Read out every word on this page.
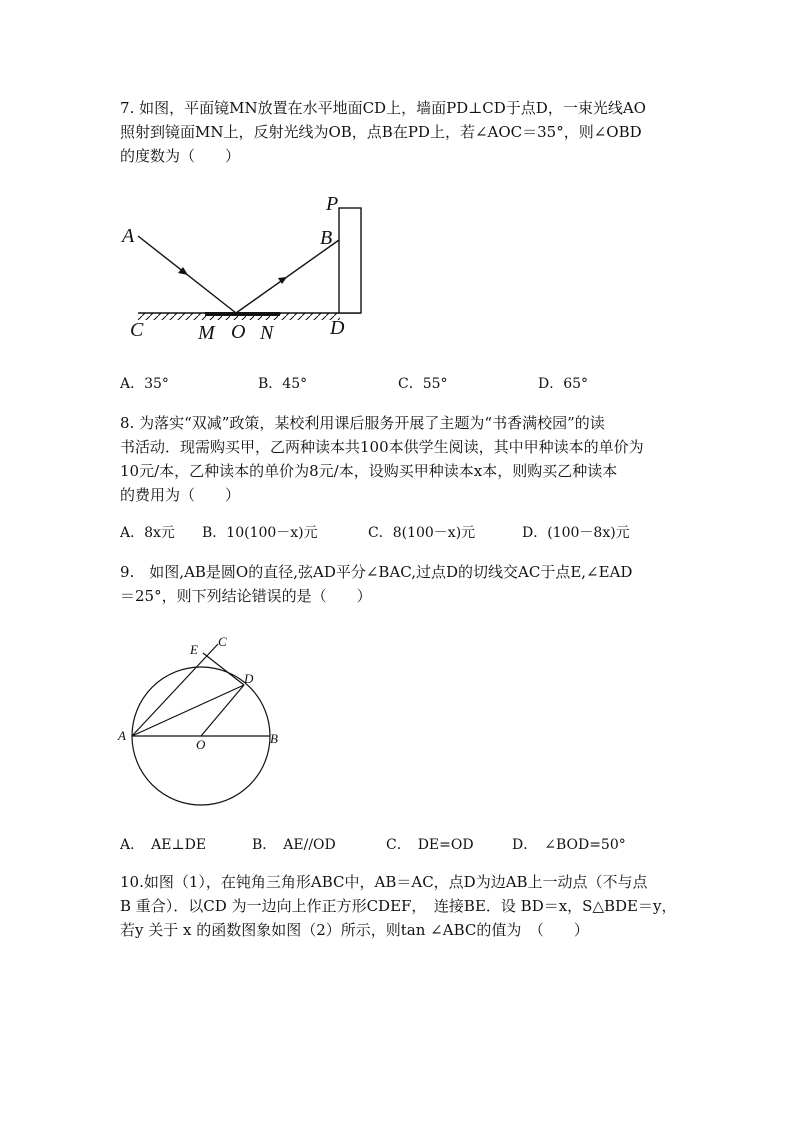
7. 如图，平面镜MN放置在水平地面CD上，墙面PD⊥CD于点D，一束光线AO
照射到镜面MN上，反射光线为OB，点B在PD上，若∠AOC＝35°，则∠OBD
的度数为（　　）
A	B
P
C	M O N	D
A．35°	B．45°	C．55°	D．65°
8. 为落实“双减”政策，某校利用课后服务开展了主题为“书香满校园”的读
书活动．现需购买甲，乙两种读本共100本供学生阅读，其中甲种读本的单价为
10元/本，乙种读本的单价为8元/本，设购买甲种读本x本，则购买乙种读本
的费用为（　　）
A．8x元 B．10(100－x)元	C．8(100－x)元	D．(100－8x)元
9.　如图,AB是圆O的直径,弦AD平分∠BAC,过点D的切线交AC于点E,∠EAD
＝25°，则下列结论错误的是（　　）
A	B
C
E
D
O
A．　AE⊥DE	B．　AE//OD	C．　DE=OD	D．　∠BOD=50°
10.如图（1），在钝角三角形ABC中，AB＝AC，点D为边AB上一动点（不与点
B 重合）．以CD 为一边向上作正方形CDEF，　连接BE．设 BD＝x，S△BDE＝y，
若y 关于 x 的函数图象如图（2）所示，则tan ∠ABC的值为　（　　）
